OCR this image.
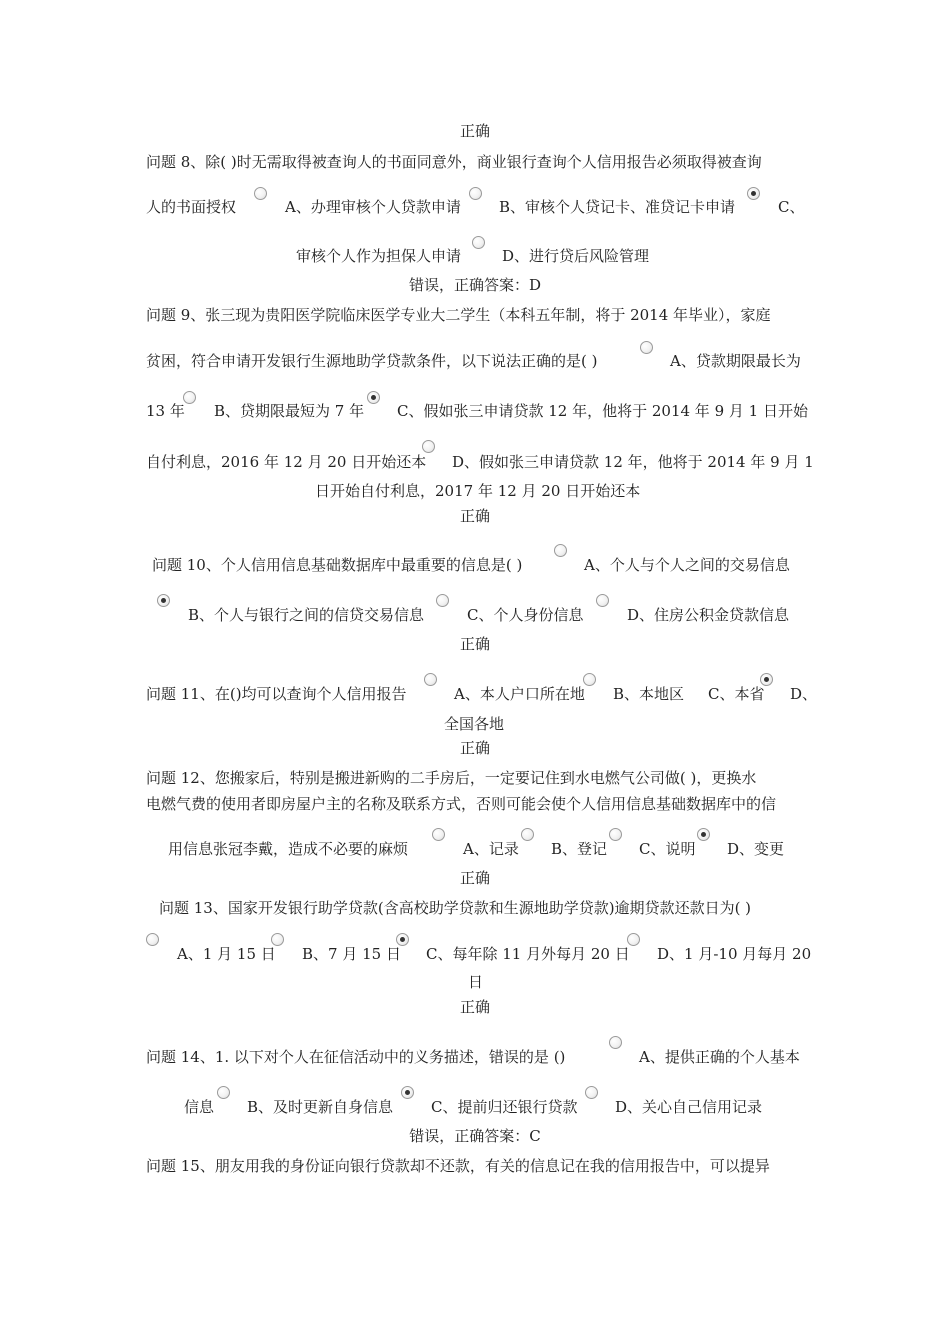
正确
问题 8、除( )时无需取得被查询人的书面同意外，商业银行查询个人信用报告必须取得被查询
人的书面授权	A、办理审核个人贷款申请	B、审核个人贷记卡、准贷记卡申请	C、
审核个人作为担保人申请	D、进行贷后风险管理
错误，正确答案：D
问题 9、张三现为贵阳医学院临床医学专业大二学生（本科五年制，将于 2014 年毕业），家庭
贫困，符合申请开发银行生源地助学贷款条件，以下说法正确的是( )	A、贷款期限最长为
13 年 B、贷期限最短为 7 年 C、假如张三申请贷款 12 年，他将于 2014 年 9 月 1 日开始
自付利息，2016 年 12 月 20 日开始还本 D、假如张三申请贷款 12 年，他将于 2014 年 9 月 1
日开始自付利息，2017 年 12 月 20 日开始还本
正确
问题 10、个人信用信息基础数据库中最重要的信息是( )	A、个人与个人之间的交易信息
B、个人与银行之间的信贷交易信息	C、个人身份信息	D、住房公积金贷款信息
正确
问题 11、在()均可以查询个人信用报告	A、本人户口所在地 B、本地区 C、本省 D、
全国各地
正确
问题 12、您搬家后，特别是搬进新购的二手房后，一定要记住到水电燃气公司做( )，更换水
电燃气费的使用者即房屋户主的名称及联系方式，否则可能会使个人信用信息基础数据库中的信
用信息张冠李戴，造成不必要的麻烦	A、记录 B、登记 C、说明 D、变更
正确
问题 13、国家开发银行助学贷款(含高校助学贷款和生源地助学贷款)逾期贷款还款日为( )
A、1 月 15 日 B、7 月 15 日 C、每年除 11 月外每月 20 日 D、1 月-10 月每月 20
日
正确
问题 14、1. 以下对个人在征信活动中的义务描述，错误的是 ()	A、提供正确的个人基本
信息 B、及时更新自身信息	C、提前归还银行贷款	D、关心自己信用记录
错误，正确答案：C
问题 15、朋友用我的身份证向银行贷款却不还款，有关的信息记在我的信用报告中，可以提异
